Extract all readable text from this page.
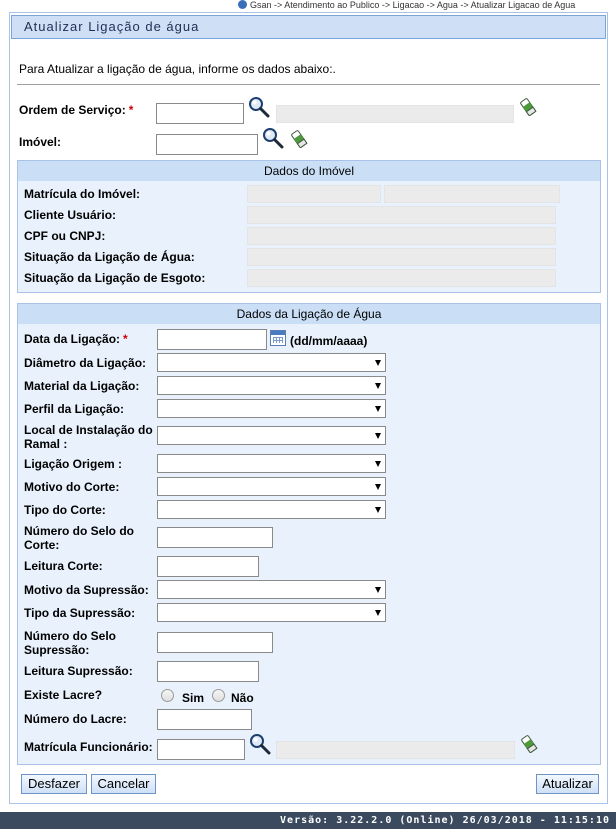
Gsan -> Atendimento ao Publico -> Ligacao -> Agua -> Atualizar Ligacao de Agua
Atualizar Ligação de água
Para Atualizar a ligação de água, informe os dados abaixo:.
Ordem de Serviço: *
Imóvel:
Dados do Imóvel
Matrícula do Imóvel:
Cliente Usuário:
CPF ou CNPJ:
Situação da Ligação de Água:
Situação da Ligação de Esgoto:
Dados da Ligação de Água
Data da Ligação: *	(dd/mm/aaaa)
Diâmetro da Ligação:
Material da Ligação:
Perfil da Ligação:
Local de Instalação do
Ramal :
Ligação Origem :
Motivo do Corte:
Tipo do Corte:
Número do Selo do
Corte:
Leitura Corte:
Motivo da Supressão:
Tipo da Supressão:
Número do Selo
Supressão:
Leitura Supressão:
Existe Lacre?	Sim Não
Número do Lacre:
Matrícula Funcionário:
Desfazer	Cancelar	Atualizar
Versão: 3.22.2.0 (Online) 26/03/2018 - 11:15:10
